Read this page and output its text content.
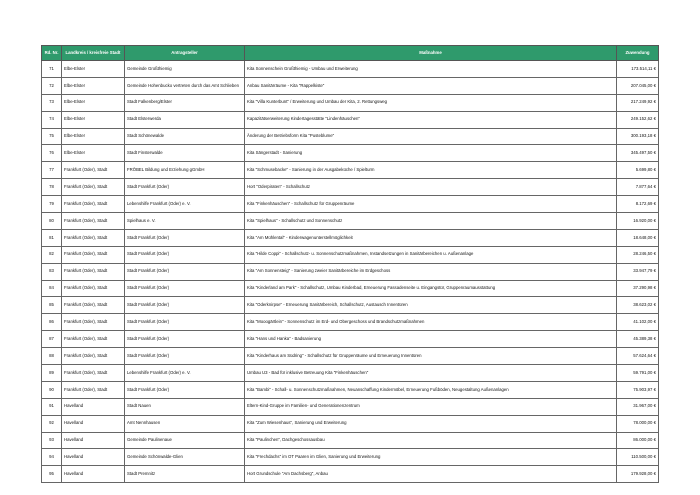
Rd. Nr.	Landkreis / kreisfreie Stadt	Antragsteller	Maßnahme	Zuwendung
71	Elbe-Elster	Gemeinde Großthiemig	Kita Sonnenschein Großthiemig - Umbau und Erweiterung	173.514,11 €
72	Elbe-Elster	Gemeinde Hohenbucko vertreten durch das Amt Schlieben	Anbau Sanitärräume - Kita "Rappelkiste"	207.045,00 €
73	Elbe-Elster	Stadt Falkenberg/Elster	Kita "Villa Kunterbunt" / Erweiterung und Umbau der Kita, 2. Rettungsweg	217.249,92 €
74	Elbe-Elster	Stadt Elsterwerda	Kapazitätserweiterung Kindertagesstätte "Lindenhäuschen"	249.152,62 €
75	Elbe-Elster	Stadt Schönewalde	Änderung der Betriebsform Kita "Pusteblume"	300.193,18 €
76	Elbe-Elster	Stadt Finsterwalde	Kita Sängerstadt - Sanierung	345.497,50 €
77	Frankfurt (Oder), Stadt	FRÖBEL Bildung und Erziehung gGmbH	Kita "Schmusebacke" - Sanierung in der Ausgabeküche / Spielturm	5.699,80 €
78	Frankfurt (Oder), Stadt	Stadt Frankfurt (Oder)	Hort "Oderpiraten" - Schallschutz	7.877,64 €
79	Frankfurt (Oder), Stadt	Lebenshilfe Frankfurt (Oder) e. V.	Kita "Finkenhäuschen" - Schallschutz für Gruppenräume	8.172,69 €
80	Frankfurt (Oder), Stadt	Spielhaus e. V.	Kita "Spielhaus" - Schallschutz und Sonnenschutz	16.920,00 €
81	Frankfurt (Oder), Stadt	Stadt Frankfurt (Oder)	Kita "Am Mühlental" - Kinderwagenunterstellmöglichkeit	18.648,00 €
82	Frankfurt (Oder), Stadt	Stadt Frankfurt (Oder)	Kita "Hilde Coppi" - Schallschutz- u. Sonnenschutzmaßnahmen, Instandsetzungen in Sanitärbereichen u. Außenanlage	28.246,50 €
83	Frankfurt (Oder), Stadt	Stadt Frankfurt (Oder)	Kita "Am Sonnensteig" - Sanierung zweier Sanitärbereiche im Erdgeschoss	33.947,79 €
84	Frankfurt (Oder), Stadt	Stadt Frankfurt (Oder)	Kita "Kinderland am Park" - Schallschutz, Umbau Kinderbad, Erneuerung Fassadenseite u. Eingangstür, Gruppenraumausstattung	37.290,98 €
85	Frankfurt (Oder), Stadt	Stadt Frankfurt (Oder)	Kita "Oderknirpse" - Erneuerung Sanitärbereich, Schallschutz, Austausch Innentüren	38.623,02 €
86	Frankfurt (Oder), Stadt	Stadt Frankfurt (Oder)	Kita "Mooogärtlein" - Sonnenschutz im Erd- und Obergeschoss und Brandschutzmaßnahmen	41.102,00 €
87	Frankfurt (Oder), Stadt	Stadt Frankfurt (Oder)	Kita "Hans und Hanka" - Badsanierung	45.389,38 €
88	Frankfurt (Oder), Stadt	Stadt Frankfurt (Oder)	Kita "Kinderhaus am Südring" - Schallschutz für Gruppenräume und Erneuerung Innentüren	57.624,64 €
89	Frankfurt (Oder), Stadt	Lebenshilfe Frankfurt (Oder) e. V.	Umbau U3 - Bad für inklusive Betreuung Kita "Finkenhäuschen"	59.791,00 €
90	Frankfurt (Oder), Stadt	Stadt Frankfurt (Oder)	Kita "Bambi" - Schall- u. Sonnenschutzmaßnahmen, Neuanschaffung Kindermöbel, Erneuerung Fußböden, Neugestaltung Außenanlagen	75.903,97 €
91	Havelland	Stadt Nauen	Eltern-Kind-Gruppe im Familien- und Generationenzentrum	31.967,00 €
92	Havelland	Amt Nennhausen	Kita "Zum Wiesenhaus", Sanierung und Erweiterung	78.000,00 €
93	Havelland	Gemeinde Paulinenaue	Kita "Paulinchen", Dachgeschossausbau	86.000,00 €
94	Havelland	Gemeinde Schönwalde-Glien	Kita "Frechdachs" im OT Paaren im Glien, Sanierung und Erweiterung	110.500,00 €
95	Havelland	Stadt Premnitz	Hort Grundschule "Am Dachsberg", Anbau	179.928,00 €
